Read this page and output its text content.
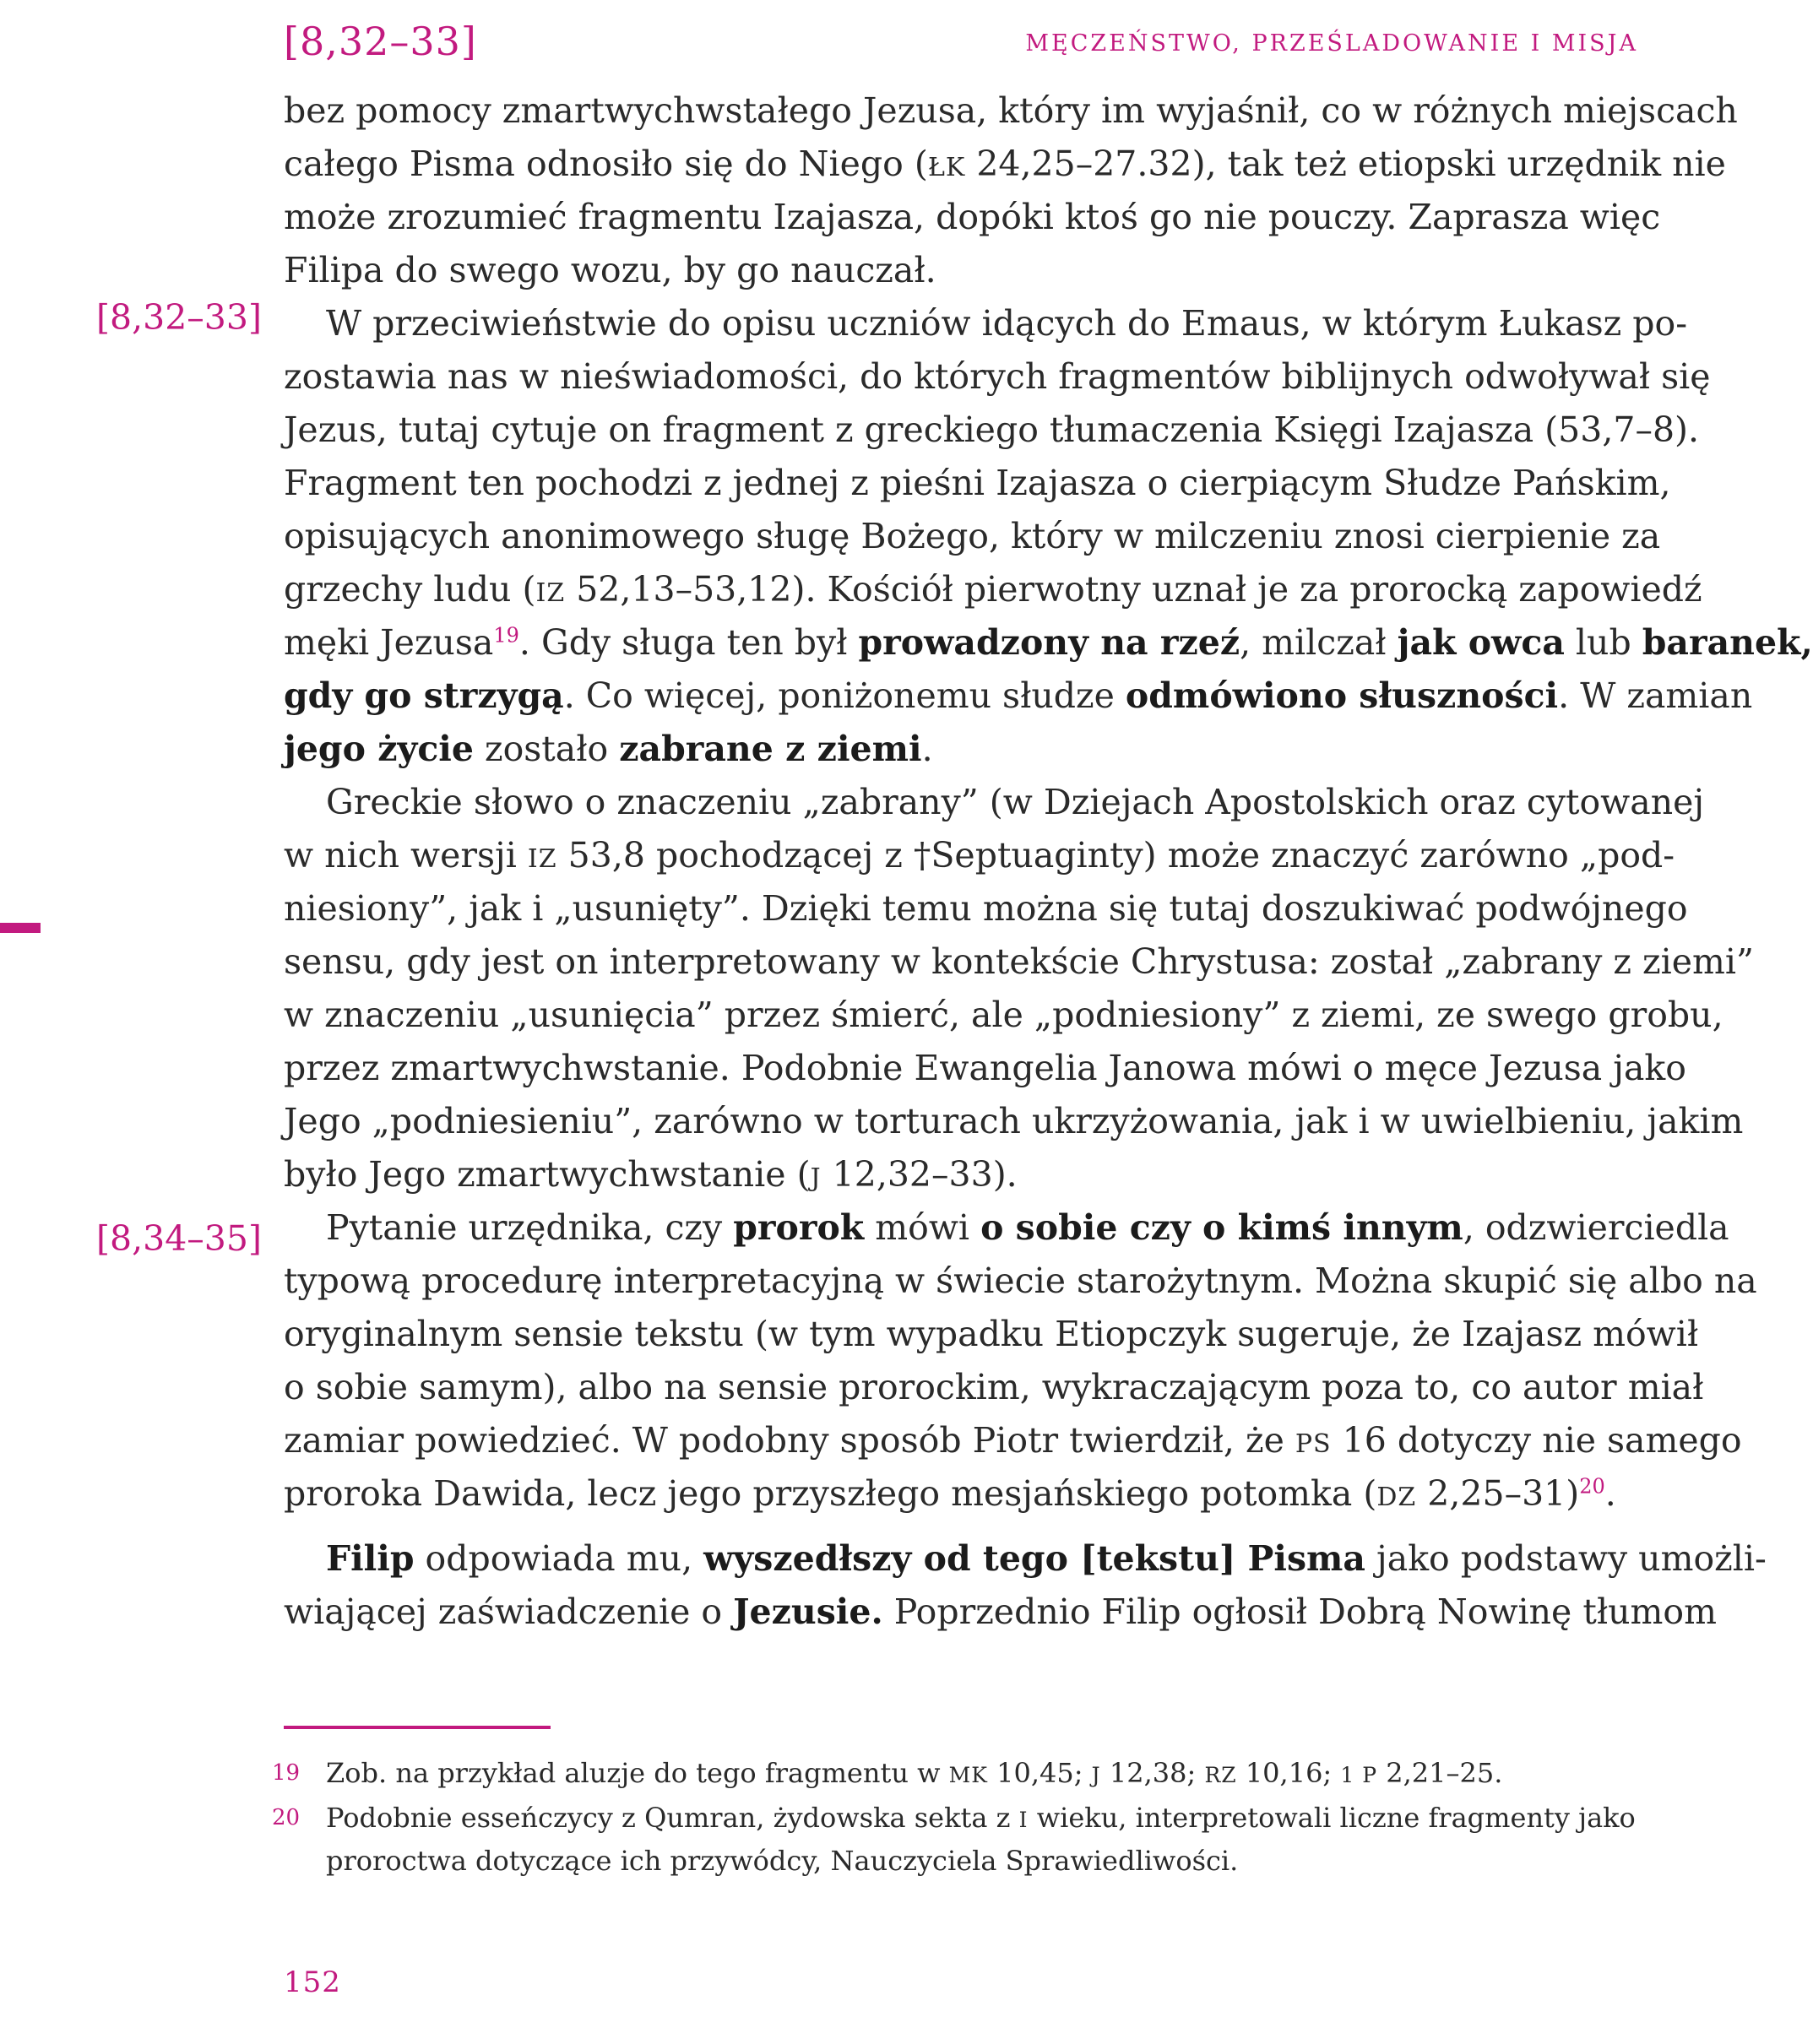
[8,32–33]	MĘCZEŃSTWO, PRZEŚLADOWANIE I MISJA
[8,32–33]
[8,34–35]
bez pomocy zmartwychwstałego Jezusa, który im wyjaśnił, co w różnych miejscach
całego Pisma odnosiło się do Niego (ŁK 24,25–27.32), tak też etiopski urzędnik nie
może zrozumieć fragmentu Izajasza, dopóki ktoś go nie pouczy. Zaprasza więc
Filipa do swego wozu, by go nauczał.
W przeciwieństwie do opisu uczniów idących do Emaus, w którym Łukasz po-
zostawia nas w nieświadomości, do których fragmentów biblijnych odwoływał się
Jezus, tutaj cytuje on fragment z greckiego tłumaczenia Księgi Izajasza (53,7–8).
Fragment ten pochodzi z jednej z pieśni Izajasza o cierpiącym Słudze Pańskim,
opisujących anonimowego sługę Bożego, który w milczeniu znosi cierpienie za
grzechy ludu (IZ 52,13–53,12). Kościół pierwotny uznał je za prorocką zapowiedź
męki Jezusa$^{19}$. Gdy sługa ten był prowadzony na rzeź, milczał jak owca lub baranek,
gdy go strzygą. Co więcej, poniżonemu słudze odmówiono słuszności. W zamian
jego życie zostało zabrane z ziemi.
Greckie słowo o znaczeniu „zabrany” (w Dziejach Apostolskich oraz cytowanej
w nich wersji IZ 53,8 pochodzącej z †Septuaginty) może znaczyć zarówno „pod-
niesiony”, jak i „usunięty”. Dzięki temu można się tutaj doszukiwać podwójnego
sensu, gdy jest on interpretowany w kontekście Chrystusa: został „zabrany z ziemi”
w znaczeniu „usunięcia” przez śmierć, ale „podniesiony” z ziemi, ze swego grobu,
przez zmartwychwstanie. Podobnie Ewangelia Janowa mówi o męce Jezusa jako
Jego „podniesieniu”, zarówno w torturach ukrzyżowania, jak i w uwielbieniu, jakim
było Jego zmartwychwstanie (J 12,32–33).
Pytanie urzędnika, czy prorok mówi o sobie czy o kimś innym, odzwierciedla
typową procedurę interpretacyjną w świecie starożytnym. Można skupić się albo na
oryginalnym sensie tekstu (w tym wypadku Etiopczyk sugeruje, że Izajasz mówił
o sobie samym), albo na sensie prorockim, wykraczającym poza to, co autor miał
zamiar powiedzieć. W podobny sposób Piotr twierdził, że PS 16 dotyczy nie samego
proroka Dawida, lecz jego przyszłego mesjańskiego potomka (DZ 2,25–31)$^{20}$.
Filip odpowiada mu, wyszedłszy od tego [tekstu] Pisma jako podstawy umożli-
wiającej zaświadczenie o Jezusie. Poprzednio Filip ogłosił Dobrą Nowinę tłumom
19 Zob. na przykład aluzje do tego fragmentu w MK 10,45; J 12,38; RZ 10,16; 1 P 2,21–25.
20 Podobnie esseńczycy z Qumran, żydowska sekta z I wieku, interpretowali liczne fragmenty jako
proroctwa dotyczące ich przywódcy, Nauczyciela Sprawiedliwości.
152
